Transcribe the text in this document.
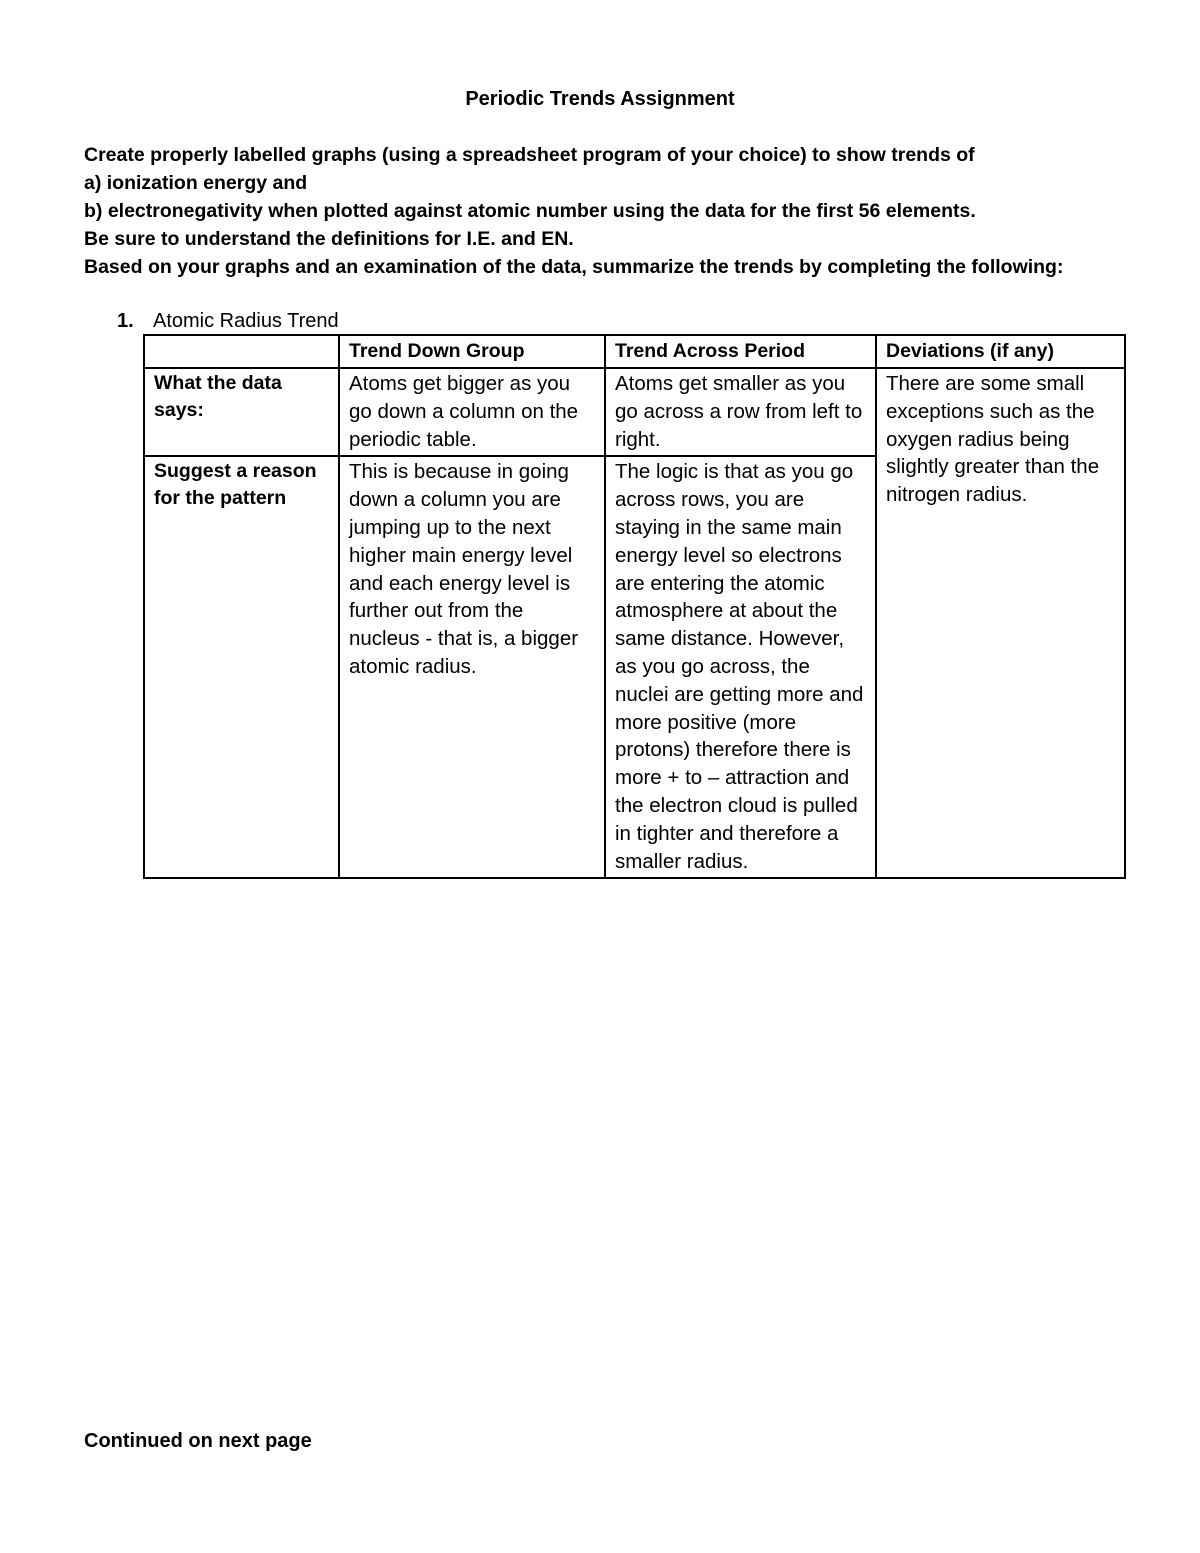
Periodic Trends Assignment

Create properly labelled graphs (using a spreadsheet program of your choice) to show trends of

a) ionization energy and

b) electronegativity when plotted against atomic number using the data for the first 56 elements.

Be sure to understand the definitions for I.E. and EN.

Based on your graphs and an examination of the data, summarize the trends by completing the following:

1. Atomic Radius Trend
	Trend Down Group	Trend Across Period	Deviations (if any)
What the data says:	Atoms get bigger as you go down a column on the periodic table.	Atoms get smaller as you go across a row from left to right.	There are some small exceptions such as the oxygen radius being slightly greater than the nitrogen radius.
Suggest a reason for the pattern	This is because in going down a column you are jumping up to the next higher main energy level and each energy level is further out from the nucleus - that is, a bigger atomic radius.	The logic is that as you go across rows, you are staying in the same main energy level so electrons are entering the atomic atmosphere at about the same distance. However, as you go across, the nuclei are getting more and more positive (more protons) therefore there is more + to – attraction and the electron cloud is pulled in tighter and therefore a smaller radius.	
Continued on next page
